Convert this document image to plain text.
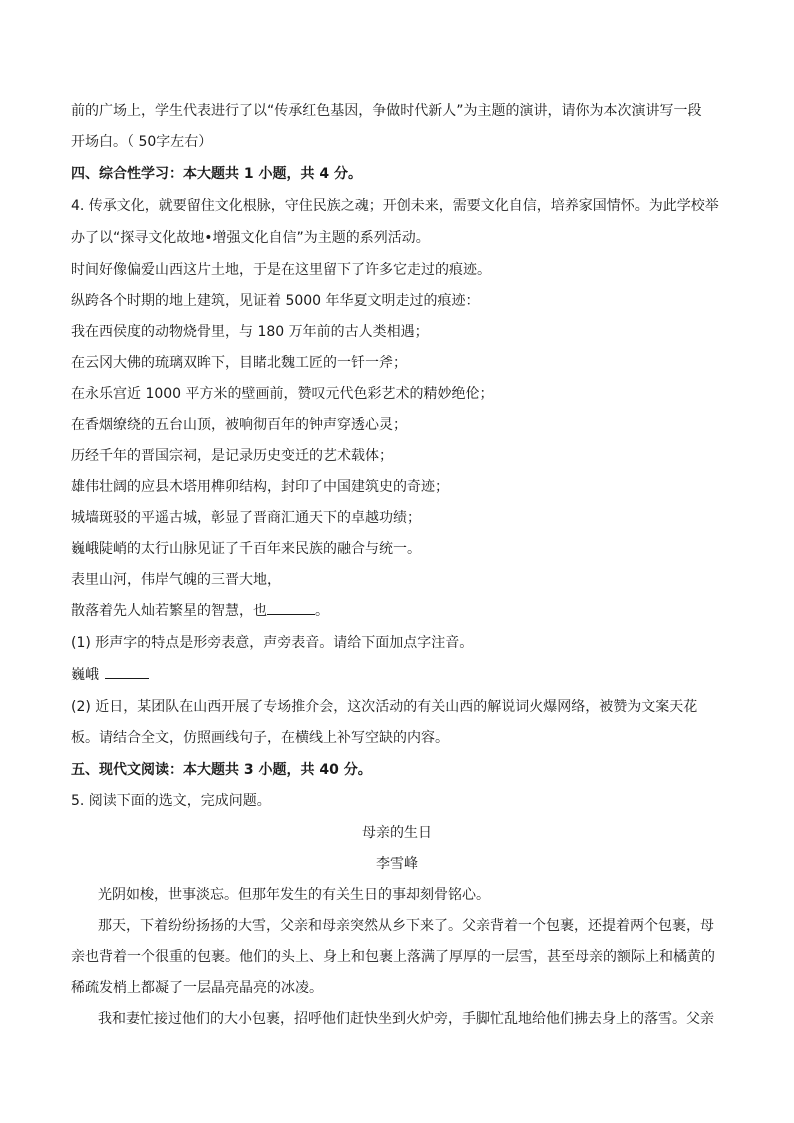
前的广场上，学生代表进行了以“传承红色基因，争做时代新人”为主题的演讲，请你为本次演讲写一段
开场白。（ 50字左右）
四、综合性学习：本大题共 1 小题，共 4 分。
4. 传承文化，就要留住文化根脉，守住民族之魂；开创未来，需要文化自信，培养家国情怀。为此学校举
办了以“探寻文化故地•增强文化自信”为主题的系列活动。
时间好像偏爱山西这片土地，于是在这里留下了许多它走过的痕迹。
纵跨各个时期的地上建筑，见证着 5000 年华夏文明走过的痕迹：
我在西侯度的动物烧骨里，与 180 万年前的古人类相遇；
在云冈大佛的琉璃双眸下，目睹北魏工匠的一钎一斧；
在永乐宫近 1000 平方米的壁画前，赞叹元代色彩艺术的精妙绝伦；
在香烟缭绕的五台山顶，被响彻百年的钟声穿透心灵；
历经千年的晋国宗祠，是记录历史变迁的艺术载体；
雄伟壮阔的应县木塔用榫卯结构，封印了中国建筑史的奇迹；
城墙斑驳的平遥古城，彰显了晋商汇通天下的卓越功绩；
巍峨陡峭的太行山脉见证了千百年来民族的融合与统一。
表里山河，伟岸气魄的三晋大地，
散落着先人灿若繁星的智慧，也	。
(1) 形声字的特点是形旁表意，声旁表音。请给下面加点字注音。
巍峨
(2) 近日，某团队在山西开展了专场推介会，这次活动的有关山西的解说词火爆网络，被赞为文案天花
板。请结合全文，仿照画线句子，在横线上补写空缺的内容。
五、现代文阅读：本大题共 3 小题，共 40 分。
5. 阅读下面的选文，完成问题。
母亲的生日
李雪峰
光阴如梭，世事淡忘。但那年发生的有关生日的事却刻骨铭心。
那天，下着纷纷扬扬的大雪，父亲和母亲突然从乡下来了。父亲背着一个包裹，还提着两个包裹，母
亲也背着一个很重的包裹。他们的头上、身上和包裹上落满了厚厚的一层雪，甚至母亲的额际上和橘黄的
稀疏发梢上都凝了一层晶亮晶亮的冰凌。
我和妻忙接过他们的大小包裹，招呼他们赶快坐到火炉旁，手脚忙乱地给他们拂去身上的落雪。父亲
